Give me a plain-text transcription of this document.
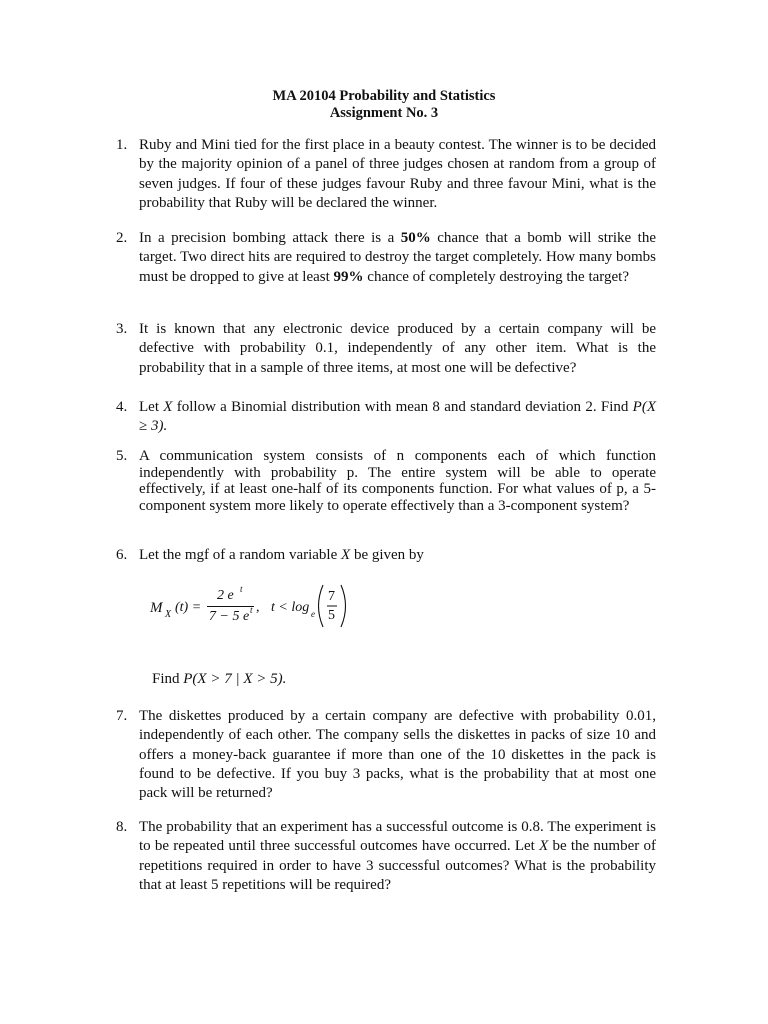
MA 20104 Probability and Statistics
Assignment No. 3
1. Ruby and Mini tied for the first place in a beauty contest. The winner is to be decided by the majority opinion of a panel of three judges chosen at random from a group of seven judges. If four of these judges favour Ruby and three favour Mini, what is the probability that Ruby will be declared the winner.
2. In a precision bombing attack there is a 50% chance that a bomb will strike the target. Two direct hits are required to destroy the target completely. How many bombs must be dropped to give at least 99% chance of completely destroying the target?
3. It is known that any electronic device produced by a certain company will be defective with probability 0.1, independently of any other item. What is the probability that in a sample of three items, at most one will be defective?
4. Let X follow a Binomial distribution with mean 8 and standard deviation 2. Find P(X ≥ 3).
5. A communication system consists of n components each of which function independently with probability p. The entire system will be able to operate effectively, if at least one-half of its components function. For what values of p, a 5-component system more likely to operate effectively than a 3-component system?
6. Let the mgf of a random variable X be given by
M X (t) =
2 e t
7 − 5 e t , t < log e
7
5
Find P(X > 7 | X > 5).
7. The diskettes produced by a certain company are defective with probability 0.01, independently of each other. The company sells the diskettes in packs of size 10 and offers a money-back guarantee if more than one of the 10 diskettes in the pack is found to be defective. If you buy 3 packs, what is the probability that at most one pack will be returned?
8. The probability that an experiment has a successful outcome is 0.8. The experiment is to be repeated until three successful outcomes have occurred. Let X be the number of repetitions required in order to have 3 successful outcomes? What is the probability that at least 5 repetitions will be required?
